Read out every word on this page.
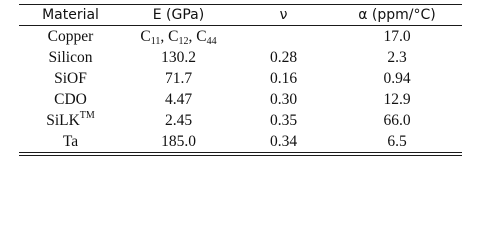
Material	E (GPa)	ν	α (ppm/°C)
Copper	$C_{11}$, $C_{12}$, $C_{44}$		17.0
Silicon	130.2	0.28	2.3
SiOF	71.7	0.16	0.94
CDO	4.47	0.30	12.9
SiLK™	2.45	0.35	66.0
Ta	185.0	0.34	6.5
